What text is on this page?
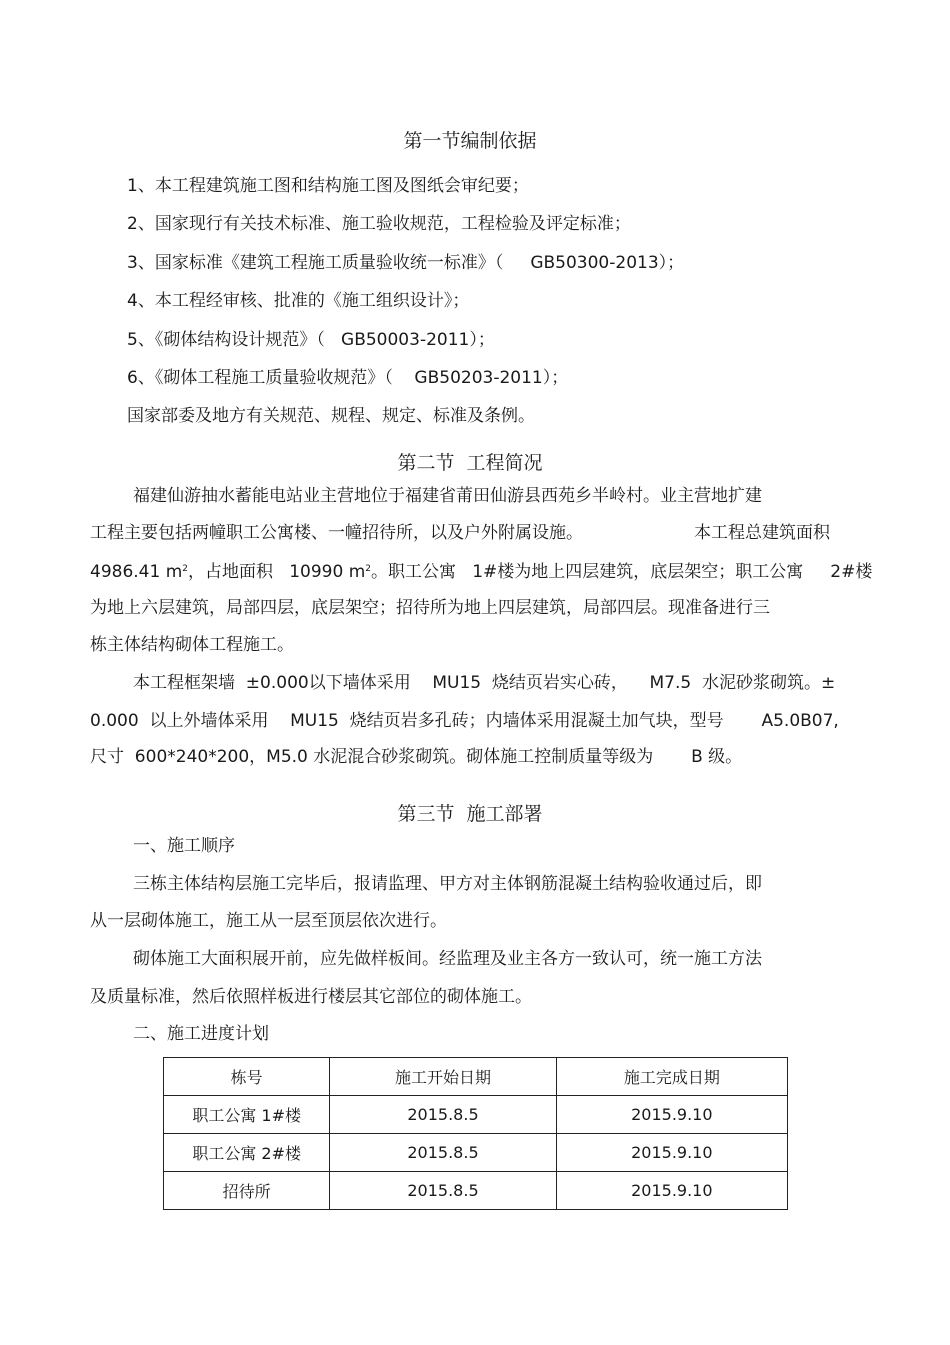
第一节编制依据

1、本工程建筑施工图和结构施工图及图纸会审纪要；

2、国家现行有关技术标准、施工验收规范，工程检验及评定标准；

3、国家标准《建筑工程施工质量验收统一标准》（     GB50300-2013）；

4、本工程经审核、批准的《施工组织设计》；

5、《砌体结构设计规范》（   GB50003-2011）；

6、《砌体工程施工质量验收规范》（    GB50203-2011）；

国家部委及地方有关规范、规程、规定、标准及条例。

第二节  工程简况

福建仙游抽水蓄能电站业主营地位于福建省莆田仙游县西苑乡半岭村。业主营地扩建

工程主要包括两幢职工公寓楼、一幢招待所，以及户外附属设施。	本工程总建筑面积

4986.41 $m^2$，占地面积   10990 $m^2$。职工公寓   1#楼为地上四层建筑，底层架空；职工公寓     2#楼

为地上六层建筑，局部四层，底层架空；招待所为地上四层建筑，局部四层。现准备进行三

栋主体结构砌体工程施工。

本工程框架墙  ±0.000以下墙体采用    MU15  烧结页岩实心砖，    M7.5  水泥砂浆砌筑。±

0.000  以上外墙体采用    MU15  烧结页岩多孔砖；内墙体采用混凝土加气块，型号       A5.0B07,

尺寸  600*240*200，M5.0 水泥混合砂浆砌筑。砌体施工控制质量等级为       B 级。

第三节  施工部署

一、施工顺序

三栋主体结构层施工完毕后，报请监理、甲方对主体钢筋混凝土结构验收通过后，即

从一层砌体施工，施工从一层至顶层依次进行。

砌体施工大面积展开前，应先做样板间。经监理及业主各方一致认可，统一施工方法

及质量标准，然后依照样板进行楼层其它部位的砌体施工。

二、施工进度计划

栋号	施工开始日期	施工完成日期
职工公寓 1#楼	2015.8.5	2015.9.10
职工公寓 2#楼	2015.8.5	2015.9.10
招待所	2015.8.5	2015.9.10
